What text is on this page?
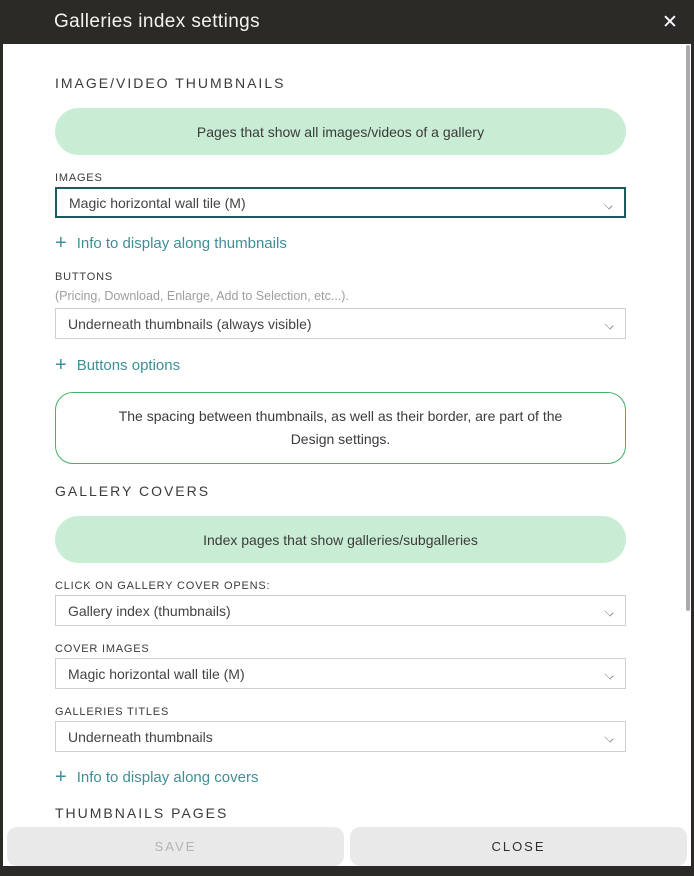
Galleries index settings	✕
IMAGE/VIDEO THUMBNAILS
Pages that show all images/videos of a gallery
IMAGES
Magic horizontal wall tile (M)
+ Info to display along thumbnails
BUTTONS
(Pricing, Download, Enlarge, Add to Selection, etc...).
Underneath thumbnails (always visible)
+ Buttons options
The spacing between thumbnails, as well as their border, are part of the Design settings.
GALLERY COVERS
Index pages that show galleries/subgalleries
CLICK ON GALLERY COVER OPENS:
Gallery index (thumbnails)
COVER IMAGES
Magic horizontal wall tile (M)
GALLERIES TITLES
Underneath thumbnails
+ Info to display along covers
THUMBNAILS PAGES
SAVE	CLOSE
